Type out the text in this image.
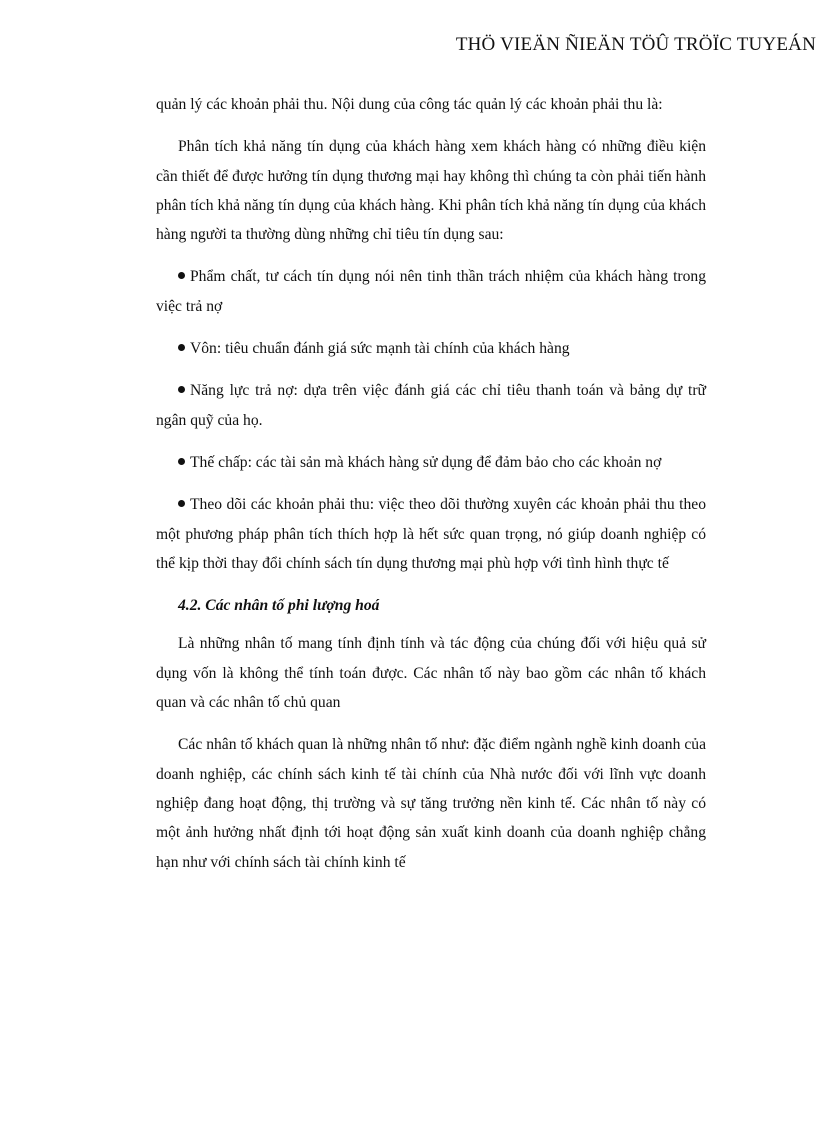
THÖ VIEÄN ÑIEÄN TÖÛ TRÖÏC TUYEÁN

quản lý các khoản phải thu. Nội dung của công tác quản lý các khoản phải thu là:

Phân tích khả năng tín dụng của khách hàng xem khách hàng có những điều kiện cần thiết để được hưởng tín dụng thương mại hay không thì chúng ta còn phải tiến hành phân tích khả năng tín dụng của khách hàng. Khi phân tích khả năng tín dụng của khách hàng người ta thường dùng những chỉ tiêu tín dụng sau:

Phẩm chất, tư cách tín dụng nói nên tinh thần trách nhiệm của khách hàng trong việc trả nợ

Vôn: tiêu chuẩn đánh giá sức mạnh tài chính của khách hàng

Năng lực trả nợ: dựa trên việc đánh giá các chỉ tiêu thanh toán và bảng dự trữ ngân quỹ của họ.

Thế chấp: các tài sản mà khách hàng sử dụng để đảm bảo cho các khoản nợ

Theo dõi các khoản phải thu: việc theo dõi thường xuyên các khoản phải thu theo một phương pháp phân tích thích hợp là hết sức quan trọng, nó giúp doanh nghiệp có thể kịp thời thay đổi chính sách tín dụng thương mại phù hợp với tình hình thực tế

4.2. Các nhân tố phi lượng hoá

Là những nhân tố mang tính định tính và tác động của chúng đối với hiệu quả sử dụng vốn là không thể tính toán được. Các nhân tố này bao gồm các nhân tố khách quan và các nhân tố chủ quan

Các nhân tố khách quan là những nhân tố như: đặc điểm ngành nghề kinh doanh của doanh nghiệp, các chính sách kinh tế tài chính của Nhà nước đối với lĩnh vực doanh nghiệp đang hoạt động, thị trường và sự tăng trưởng nền kinh tế. Các nhân tố này có một ảnh hưởng nhất định tới hoạt động sản xuất kinh doanh của doanh nghiệp chẳng hạn như với chính sách tài chính kinh tế
